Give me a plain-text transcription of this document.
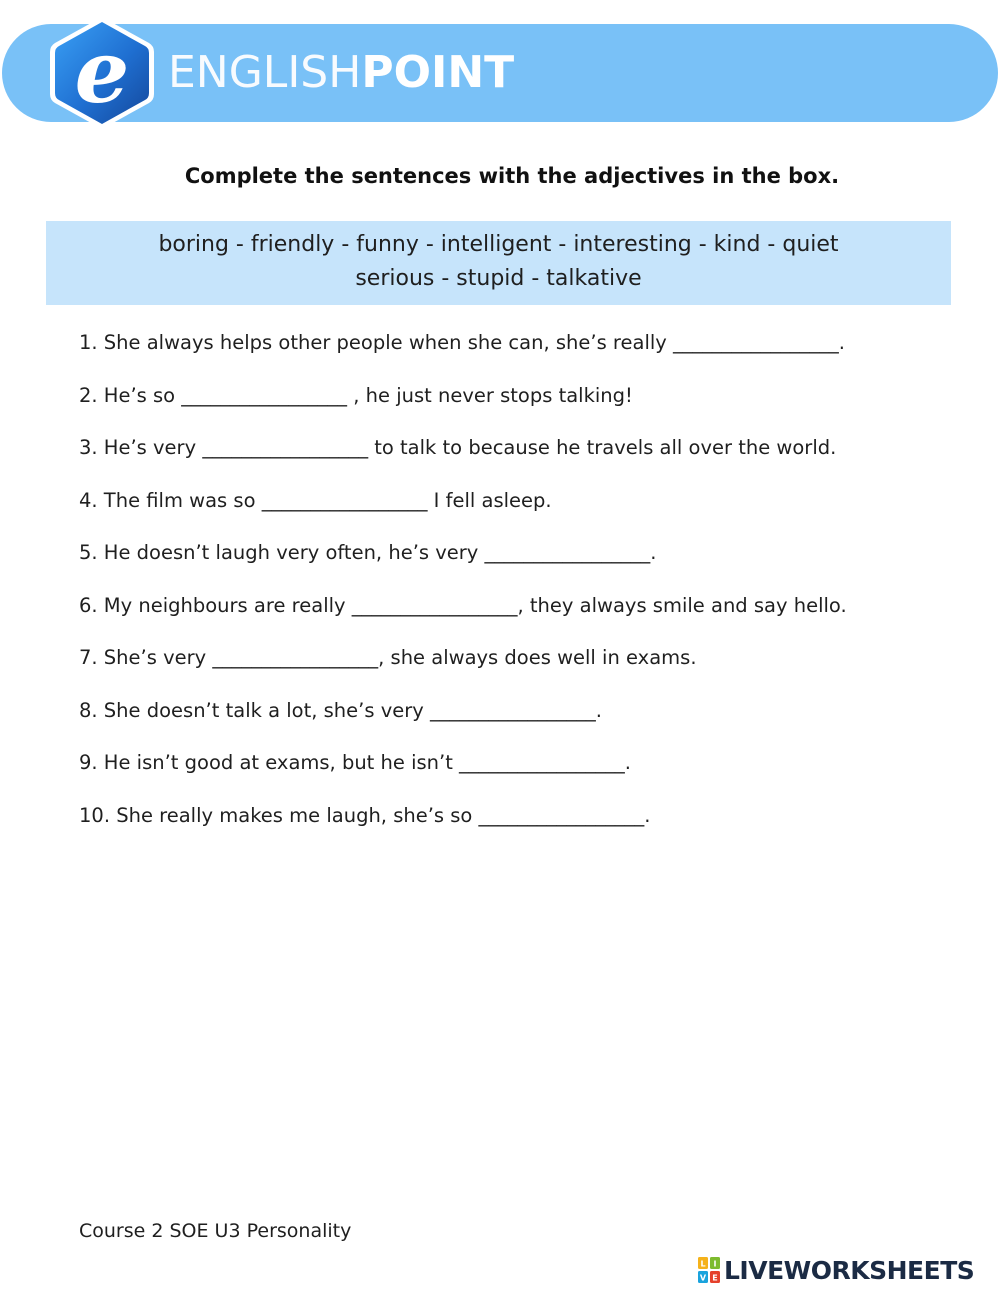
e ENGLISHPOINT
Complete the sentences with the adjectives in the box.
boring - friendly - funny - intelligent - interesting - kind - quiet
serious - stupid - talkative
1. She always helps other people when she can, she’s really _________________.
2. He’s so _________________ , he just never stops talking!
3. He’s very _________________ to talk to because he travels all over the world.
4. The film was so _________________ I fell asleep.
5. He doesn’t laugh very often, he’s very _________________.
6. My neighbours are really _________________, they always smile and say hello.
7. She’s very _________________, she always does well in exams.
8. She doesn’t talk a lot, she’s very _________________.
9. He isn’t good at exams, but he isn’t _________________.
10. She really makes me laugh, she’s so _________________.
Course 2 SOE U3 Personality
L I
V E LIVEWORKSHEETS
